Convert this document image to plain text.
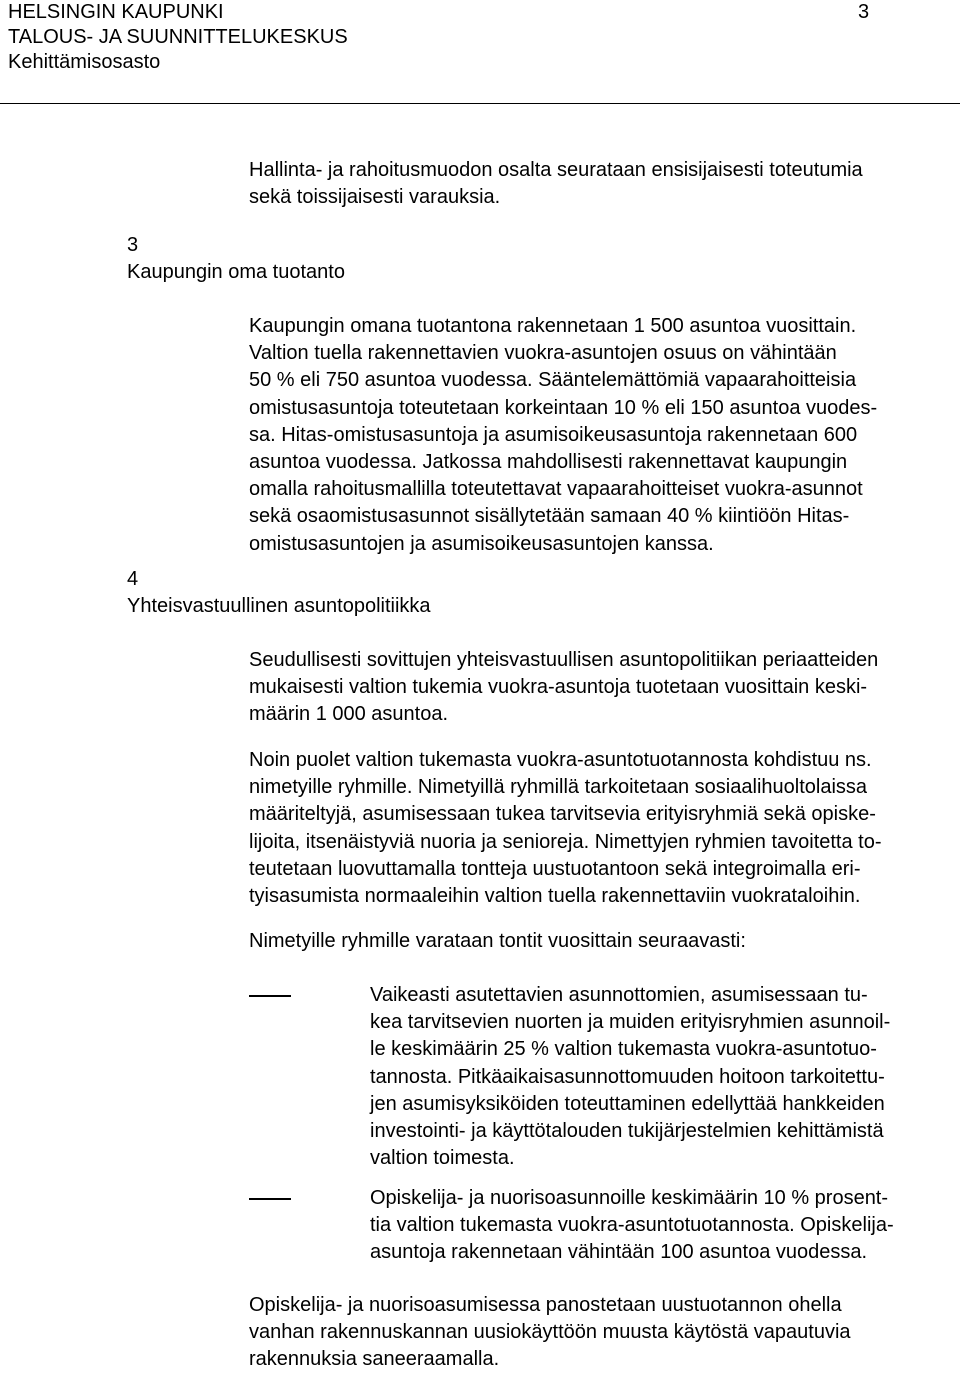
HELSINGIN KAUPUNKI
TALOUS- JA SUUNNITTELUKESKUS
Kehittämisosasto
3
Hallinta- ja rahoitusmuodon osalta seurataan ensisijaisesti toteutumia
sekä toissijaisesti varauksia.
3
Kaupungin oma tuotanto
Kaupungin omana tuotantona rakennetaan 1 500 asuntoa vuosittain.
Valtion tuella rakennettavien vuokra-asuntojen osuus on vähintään
50 % eli 750 asuntoa vuodessa. Sääntelemättömiä vapaarahoitteisia
omistusasuntoja toteutetaan korkeintaan 10 % eli 150 asuntoa vuodes-
sa. Hitas-omistusasuntoja ja asumisoikeusasuntoja rakennetaan 600
asuntoa vuodessa. Jatkossa mahdollisesti rakennettavat kaupungin
omalla rahoitusmallilla toteutettavat vapaarahoitteiset vuokra-asunnot
sekä osaomistusasunnot sisällytetään samaan 40 % kiintiöön Hitas-
omistusasuntojen ja asumisoikeusasuntojen kanssa.
4
Yhteisvastuullinen asuntopolitiikka
Seudullisesti sovittujen yhteisvastuullisen asuntopolitiikan periaatteiden
mukaisesti valtion tukemia vuokra-asuntoja tuotetaan vuosittain keski-
määrin 1 000 asuntoa.
Noin puolet valtion tukemasta vuokra-asuntotuotannosta kohdistuu ns.
nimetyille ryhmille. Nimetyillä ryhmillä tarkoitetaan sosiaalihuoltolaissa
määriteltyjä, asumisessaan tukea tarvitsevia erityisryhmiä sekä opiske-
lijoita, itsenäistyviä nuoria ja senioreja. Nimettyjen ryhmien tavoitetta to-
teutetaan luovuttamalla tontteja uustuotantoon sekä integroimalla eri-
tyisasumista normaaleihin valtion tuella rakennettaviin vuokrataloihin.
Nimetyille ryhmille varataan tontit vuosittain seuraavasti:
Vaikeasti asutettavien asunnottomien, asumisessaan tu-
kea tarvitsevien nuorten ja muiden erityisryhmien asunnoil-
le keskimäärin 25 % valtion tukemasta vuokra-asuntotuo-
tannosta. Pitkäaikaisasunnottomuuden hoitoon tarkoitettu-
jen asumisyksiköiden toteuttaminen edellyttää hankkeiden
investointi- ja käyttötalouden tukijärjestelmien kehittämistä
valtion toimesta.
Opiskelija- ja nuorisoasunnoille keskimäärin 10 % prosent-
tia valtion tukemasta vuokra-asuntotuotannosta. Opiskelija-
asuntoja rakennetaan vähintään 100 asuntoa vuodessa.
Opiskelija- ja nuorisoasumisessa panostetaan uustuotannon ohella
vanhan rakennuskannan uusiokäyttöön muusta käytöstä vapautuvia
rakennuksia saneeraamalla.
